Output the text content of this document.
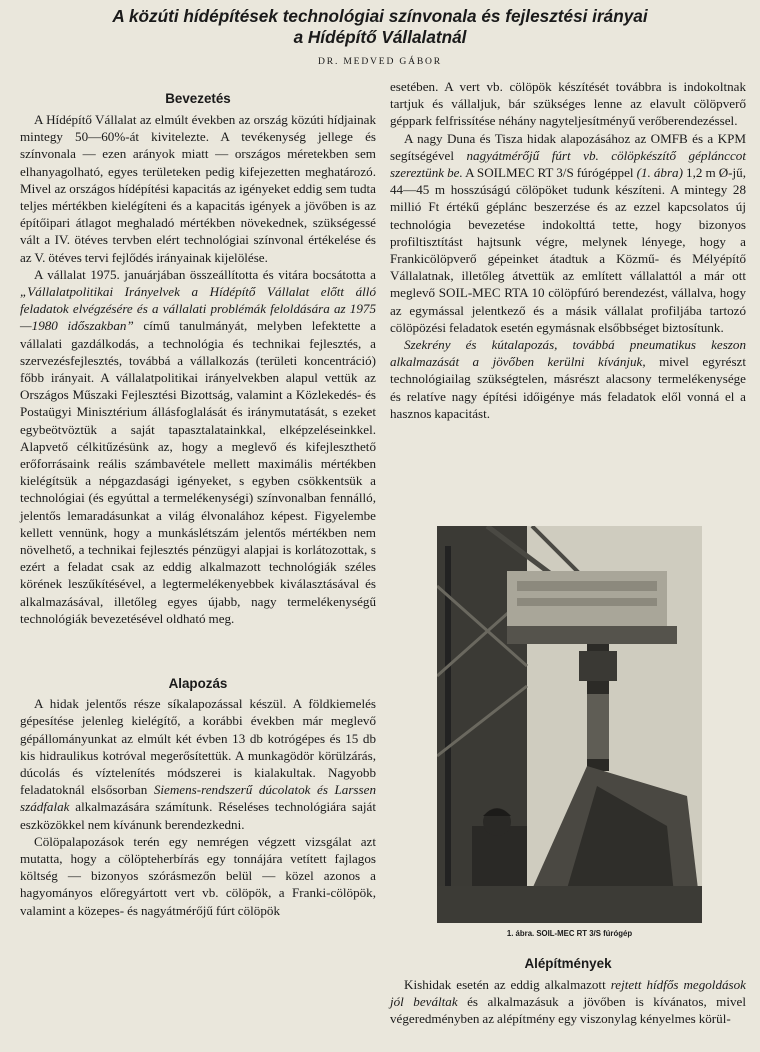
A közúti hídépítések technológiai színvonala és fejlesztési irányai
a Hídépítő Vállalatnál
DR. MEDVED GÁBOR
Bevezetés

A Hídépítő Vállalat az elmúlt években az ország közúti hídjainak mintegy 50—60%-át kivitelezte. A tevékenység jellege és színvonala — ezen arányok miatt — országos méretekben sem elhanyagolható, egyes területeken pedig kifejezetten meghatározó. Mivel az országos hídépítési kapacitás az igényeket eddig sem tudta teljes mértékben kielégíteni és a kapacitás igények a jövőben is az építőipari átlagot meghaladó mértékben növekednek, szükségessé vált a IV. ötéves tervben elért technológiai színvonal értékelése és az V. ötéves tervi fejlődés irányainak kijelölése.

A vállalat 1975. januárjában összeállította és vitára bocsátotta a „Vállalatpolitikai Irányelvek a Hídépítő Vállalat előtt álló feladatok elvégzésére és a vállalati problémák feloldására az 1975—1980 időszakban” című tanulmányát, melyben lefektette a vállalati gazdálkodás, a technológia és technikai fejlesztés, a szervezésfejlesztés, továbbá a vállalkozás (területi koncentráció) főbb irányait. A vállalatpolitikai irányelvekben alapul vettük az Országos Műszaki Fejlesztési Bizottság, valamint a Közlekedés- és Postaügyi Minisztérium állásfoglalását és iránymutatását, s ezeket egybeötvöztük a saját tapasztalatainkkal, elképzeléseinkkel. Alapvető célkitűzésünk az, hogy a meglevő és kifejleszthető erőforrásaink reális számbavétele mellett maximális mértékben kielégítsük a népgazdasági igényeket, s egyben csökkentsük a technológiai (és egyúttal a termelékenységi) színvonalban fennálló, jelentős lemaradásunkat a világ élvonalához képest. Figyelembe kellett vennünk, hogy a munkáslétszám jelentős mértékben nem növelhető, a technikai fejlesztés pénzügyi alapjai is korlátozottak, s ezért a feladat csak az eddig alkalmazott technológiák széles körének leszűkítésével, a legtermelékenyebbek kiválasztásával és alkalmazásával, illetőleg egyes újabb, nagy termelékenységű technológiák bevezetésével oldható meg.

Alapozás

A hidak jelentős része síkalapozással készül. A földkiemelés gépesítése jelenleg kielégítő, a korábbi években már meglevő gépállományunkat az elmúlt két évben 13 db kotrógépes és 15 db kis hidraulikus kotróval megerősítettük. A munkagödör körülzárás, dúcolás és víztelenítés módszerei is kialakultak. Nagyobb feladatoknál elsősorban Siemens-rendszerű dúcolatok és Larssen szádfalak alkalmazására számítunk. Réseléses technológiára saját eszközökkel nem kívánunk berendezkedni.

Cölöpalapozások terén egy nemrégen végzett vizsgálat azt mutatta, hogy a cölöpteherbírás egy tonnájára vetített fajlagos költség — bizonyos szórásmezőn belül — közel azonos a hagyományos előregyártott vert vb. cölöpök, a Franki-cölöpök, valamint a közepes- és nagyátmérőjű fúrt cölöpök

esetében. A vert vb. cölöpök készítését továbbra is indokoltnak tartjuk és vállaljuk, bár szükséges lenne az elavult cölöpverő géppark felfrissítése néhány nagyteljesítményű verőberendezéssel.

A nagy Duna és Tisza hidak alapozásához az OMFB és a KPM segítségével nagyátmérőjű fúrt vb. cölöpkészítő géplánccot szereztünk be. A SOILMEC RT 3/S fúrógéppel (1. ábra) 1,2 m Ø-jű, 44—45 m hosszúságú cölöpöket tudunk készíteni. A mintegy 28 millió Ft értékű géplánc beszerzése és az ezzel kapcsolatos új technológia bevezetése indokolttá tette, hogy bizonyos profiltisztítást hajtsunk végre, melynek lényege, hogy a Frankicölöpverő gépeinket átadtuk a Közmű- és Mélyépítő Vállalatnak, illetőleg átvettük az említett vállalattól a már ott meglevő SOIL-MEC RTA 10 cölöpfúró berendezést, vállalva, hogy az egymással jelentkező és a másik vállalat profiljába tartozó cölöpözési feladatok esetén egymásnak elsőbbséget biztosítunk.

Szekrény és kútalapozás, továbbá pneumatikus keszon alkalmazását a jövőben kerülni kívánjuk, mivel egyrészt technológiailag szükségtelen, másrészt alacsony termelékenysége és relatíve nagy építési időigénye más feladatok elől vonná el a hasznos kapacitást.

1. ábra. SOIL-MEC RT 3/S fúrógép
Alépítmények

Kishidak esetén az eddig alkalmazott rejtett hídfős megoldások jól beváltak és alkalmazásuk a jövőben is kívánatos, mivel végeredményben az alépítmény egy viszonylag kényelmes körül-
